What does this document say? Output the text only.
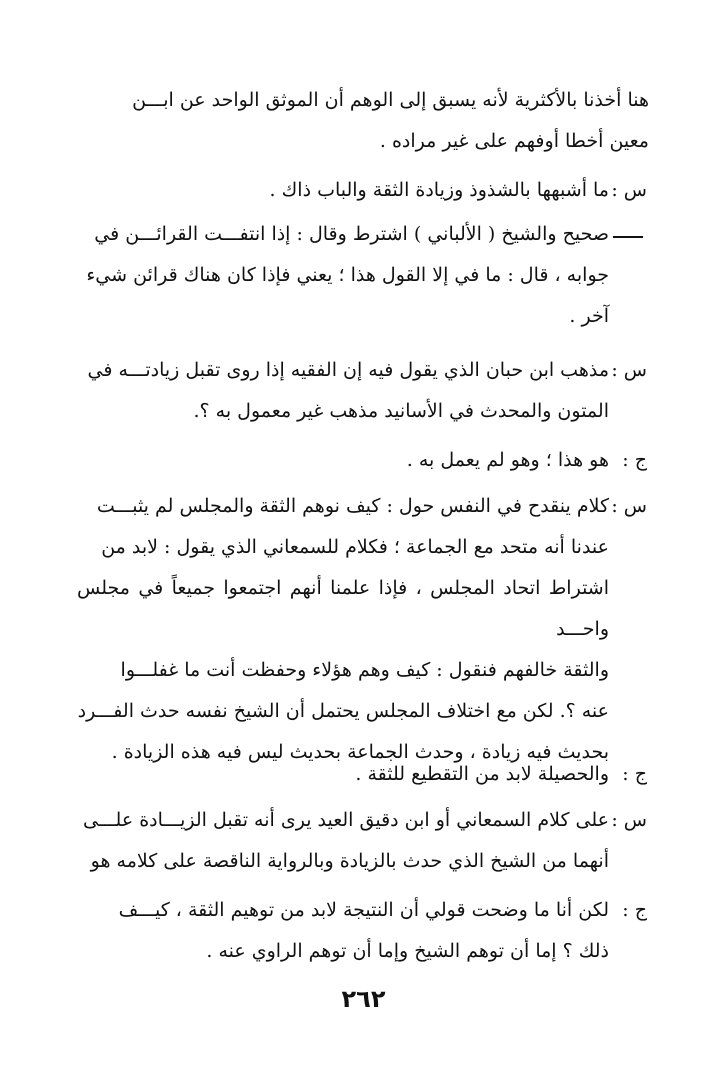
هنا أخذنا بالأكثرية لأنه يسبق إلى الوهم أن الموثق الواحد عن ابـــن
معين أخطا أوفهم على غير مراده .
س :
ما أشبهها بالشذوذ وزيادة الثقة والباب ذاك .
صحيح والشيخ ( الألباني ) اشترط وقال : إذا انتفـــت القرائـــن في
جوابه ، قال : ما في إلا القول هذا ؛ يعني فإذا كان هناك قرائن شيء
آخر .
س :
مذهب ابن حبان الذي يقول فيه إن الفقيه إذا روى تقبل زيادتـــه في
المتون والمحدث في الأسانيد مذهب غير معمول به ؟.
ج :
هو هذا ؛ وهو لم يعمل به .
س :
كلام ينقدح في النفس حول : كيف نوهم الثقة والمجلس لم يثبـــت
عندنا أنه متحد مع الجماعة ؛ فكلام للسمعاني الذي يقول : لابد من
اشتراط اتحاد المجلس ، فإذا علمنا أنهم اجتمعوا جميعاً في مجلس واحـــد
والثقة خالفهم فنقول : كيف وهم هؤلاء وحفظت أنت ما غفلـــوا
عنه ؟. لكن مع اختلاف المجلس يحتمل أن الشيخ نفسه حدث الفـــرد
بحديث فيه زيادة ، وحدث الجماعة بحديث ليس فيه هذه الزيادة .
ج :
والحصيلة لابد من التقطيع للثقة .
س :
على كلام السمعاني أو ابن دقيق العيد يرى أنه تقبل الزيـــادة علـــى
أنهما من الشيخ الذي حدث بالزيادة وبالرواية الناقصة على كلامه هو
ج :
لكن أنا ما وضحت قولي أن النتيجة لابد من توهيم الثقة ، كيـــف
ذلك ؟ إما أن توهم الشيخ وإما أن توهم الراوي عنه .
٢٦٢
